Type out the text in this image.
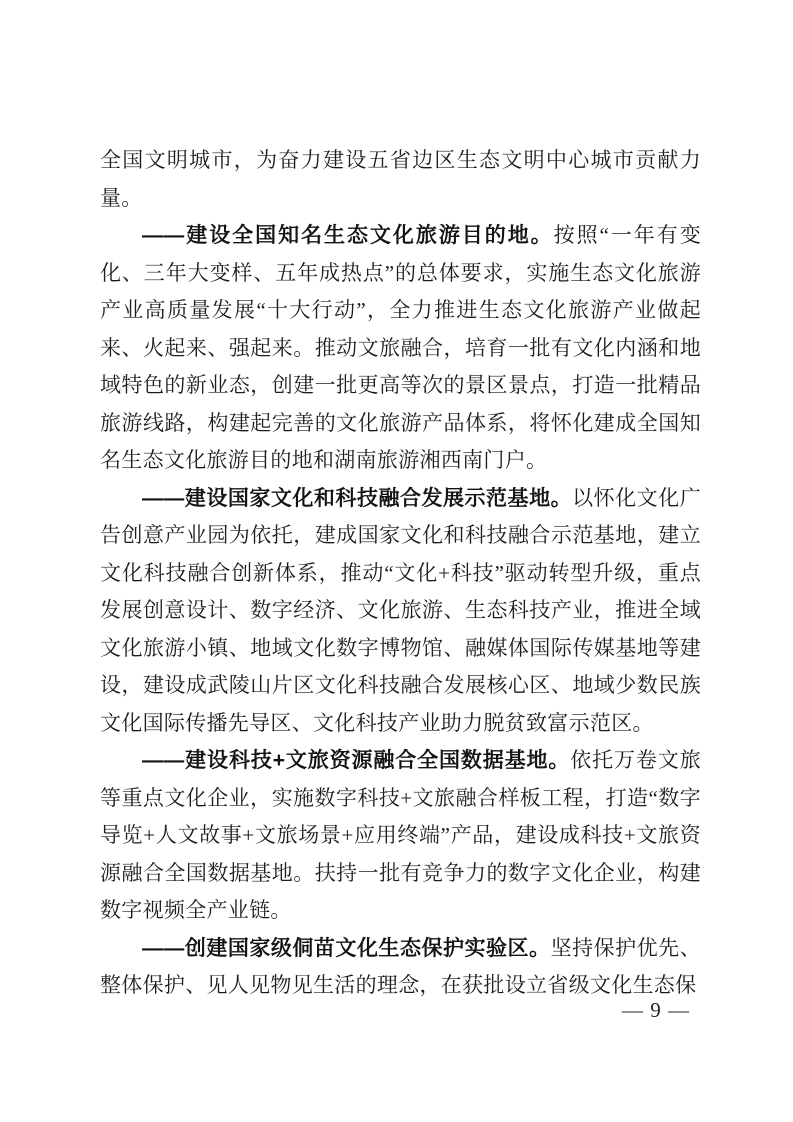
全国文明城市，为奋力建设五省边区生态文明中心城市贡献力量。

——建设全国知名生态文化旅游目的地。按照“一年有变化、三年大变样、五年成热点”的总体要求，实施生态文化旅游产业高质量发展“十大行动”，全力推进生态文化旅游产业做起来、火起来、强起来。推动文旅融合，培育一批有文化内涵和地域特色的新业态，创建一批更高等次的景区景点，打造一批精品旅游线路，构建起完善的文化旅游产品体系，将怀化建成全国知名生态文化旅游目的地和湖南旅游湘西南门户。

——建设国家文化和科技融合发展示范基地。以怀化文化广告创意产业园为依托，建成国家文化和科技融合示范基地，建立文化科技融合创新体系，推动“文化+科技”驱动转型升级，重点发展创意设计、数字经济、文化旅游、生态科技产业，推进全域文化旅游小镇、地域文化数字博物馆、融媒体国际传媒基地等建设，建设成武陵山片区文化科技融合发展核心区、地域少数民族文化国际传播先导区、文化科技产业助力脱贫致富示范区。

——建设科技+文旅资源融合全国数据基地。依托万卷文旅等重点文化企业，实施数字科技+文旅融合样板工程，打造“数字导览+人文故事+文旅场景+应用终端”产品，建设成科技+文旅资源融合全国数据基地。扶持一批有竞争力的数字文化企业，构建数字视频全产业链。

——创建国家级侗苗文化生态保护实验区。坚持保护优先、整体保护、见人见物见生活的理念，在获批设立省级文化生态保

— 9 —
